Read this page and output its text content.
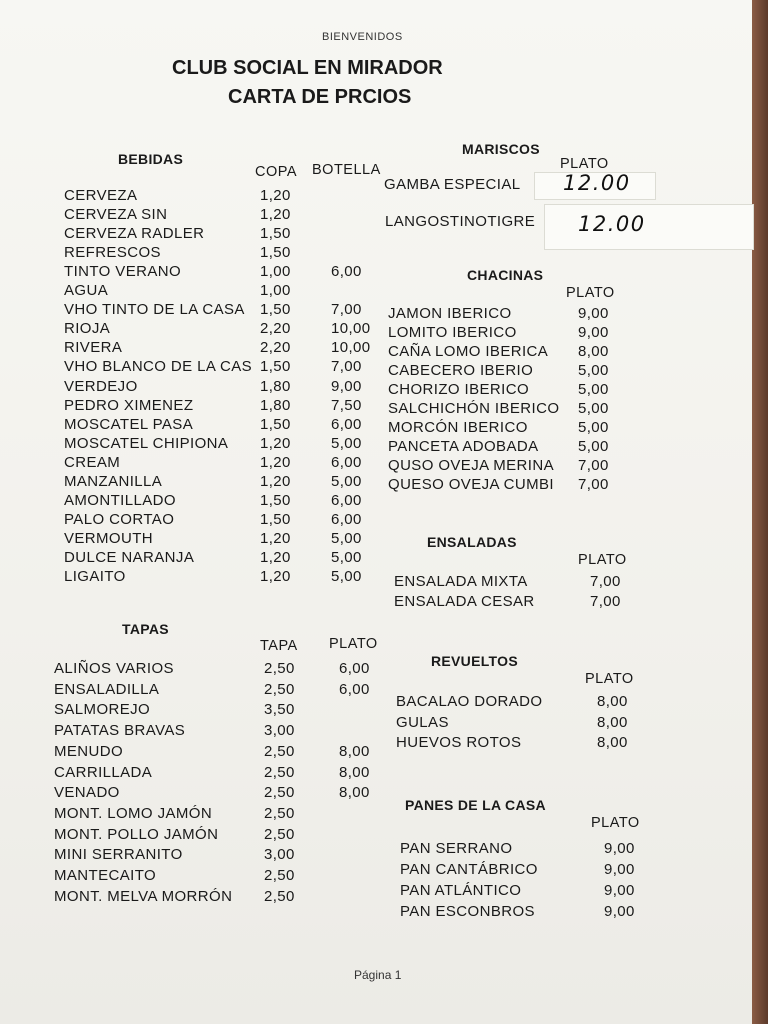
BIENVENIDOS
CLUB SOCIAL EN MIRADOR
CARTA DE PRCIOS
BEBIDAS
COPA BOTELLA
CERVEZA	1,20
CERVEZA SIN	1,20
CERVEZA RADLER	1,50
REFRESCOS	1,50
TINTO VERANO	1,00	6,00
AGUA	1,00
VHO TINTO DE LA CASA 1,50	7,00
RIOJA	2,20	10,00
RIVERA	2,20	10,00
VHO BLANCO DE LA CAS 1,50	7,00
VERDEJO	1,80	9,00
PEDRO XIMENEZ	1,80	7,50
MOSCATEL PASA	1,50	6,00
MOSCATEL CHIPIONA 1,20	5,00
CREAM	1,20	6,00
MANZANILLA	1,20	5,00
AMONTILLADO	1,50	6,00
PALO CORTAO	1,50	6,00
VERMOUTH	1,20	5,00
DULCE NARANJA	1,20	5,00
LIGAITO	1,20	5,00
TAPAS
TAPA PLATO
ALIÑOS VARIOS	2,50	6,00
ENSALADILLA	2,50	6,00
SALMOREJO	3,50
PATATAS BRAVAS	3,00
MENUDO	2,50	8,00
CARRILLADA	2,50	8,00
VENADO	2,50	8,00
MONT. LOMO JAMÓN	2,50
MONT. POLLO JAMÓN	2,50
MINI SERRANITO	3,00
MANTECAITO	2,50
MONT. MELVA MORRÓN 2,50
MARISCOS
PLATO
GAMBA ESPECIAL 12.00
LANGOSTINOTIGRE 12.00
CHACINAS
PLATO
JAMON IBERICO	9,00
LOMITO IBERICO	9,00
CAÑA LOMO IBERICA 8,00
CABECERO IBERIO	5,00
CHORIZO IBERICO	5,00
SALCHICHÓN IBERICO 5,00
MORCÓN IBERICO	5,00
PANCETA ADOBADA	5,00
QUSO OVEJA MERINA 7,00
QUESO OVEJA CUMBI 7,00
ENSALADAS
PLATO
ENSALADA MIXTA	7,00
ENSALADA CESAR	7,00
REVUELTOS
PLATO
BACALAO DORADO	8,00
GULAS	8,00
HUEVOS ROTOS	8,00
PANES DE LA CASA
PLATO
PAN SERRANO	9,00
PAN CANTÁBRICO	9,00
PAN ATLÁNTICO	9,00
PAN ESCONBROS	9,00
Página 1
